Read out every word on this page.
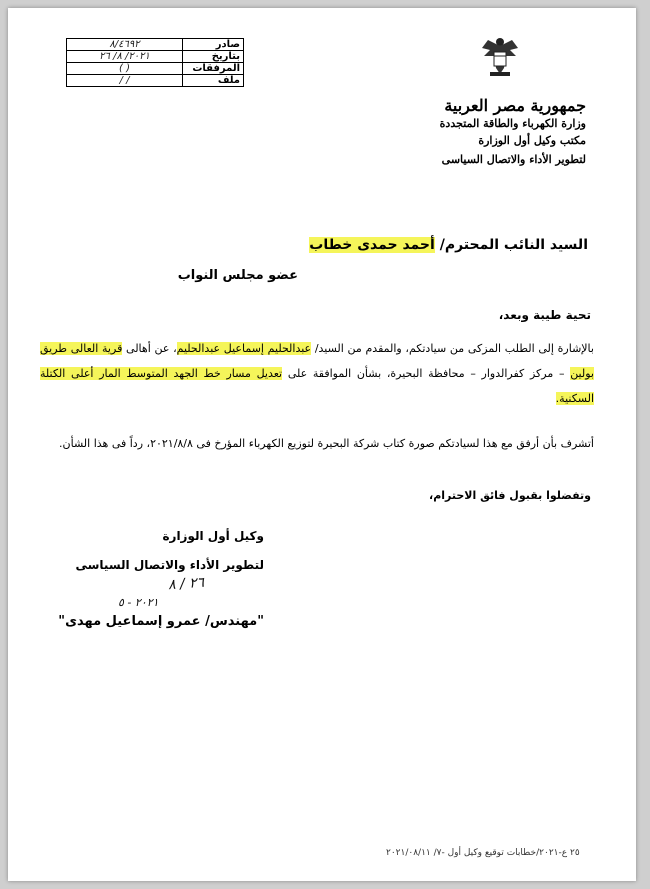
صادر	٨/٤٦٩٢
بتاريخ	٢٠٢١/ ٨/ ٢٦
المرفقات	( )
ملف	/ /
جمهورية مصر العربية
وزارة الكهرباء والطاقة المتجددة
مكتب وكيل أول الوزارة
لتطوير الأداء والاتصال السياسى
السيد النائب المحترم/ أحمد حمدى خطاب
عضو مجلس النواب
تحية طيبة وبعد،
بالإشارة إلى الطلب المزكى من سيادتكم، والمقدم من السيد/ عبدالحليم إسماعيل عبدالحليم، عن أهالى قرية العالى طريق بولين – مركز كفرالدوار – محافظة البحيرة، بشأن الموافقة على تعديل مسار خط الجهد المتوسط المار أعلى الكتلة السكنية.
أتشرف بأن أرفق مع هذا لسيادتكم صورة كتاب شركة البحيرة لتوزيع الكهرباء المؤرخ فى ٢٠٢١/٨/٨، رداً فى هذا الشأن.
وتفضلوا بقبول فائق الاحترام،
وكيل أول الوزارة
لتطوير الأداء والاتصال السياسى
٢٦ / ٨
٢٠٢١ - ٥
"مهندس/ عمرو إسماعيل مهدى"
٢٥ ع-٢٠٢١/خطابات توقيع وكيل أول -٧/ ٢٠٢١/٠٨/١١
